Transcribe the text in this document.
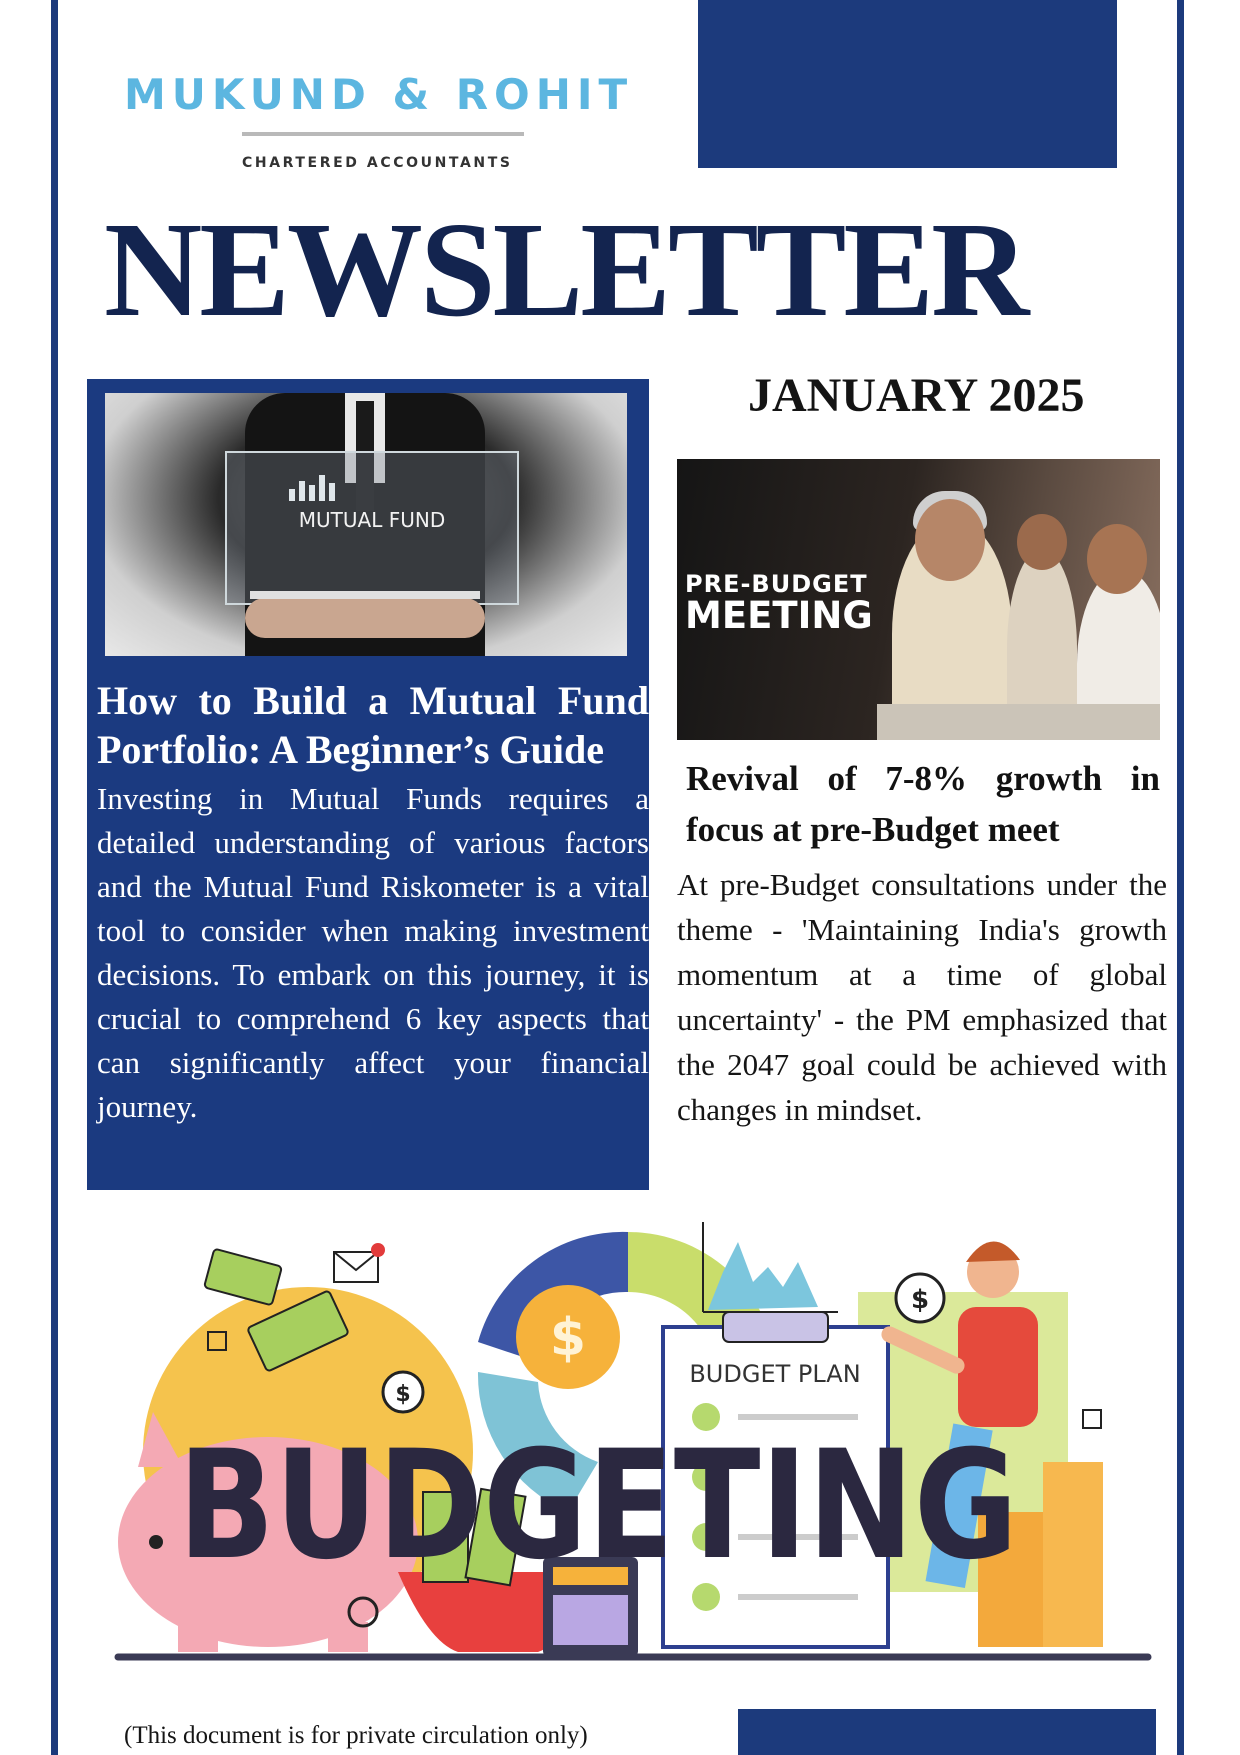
MUKUND & ROHIT
CHARTERED ACCOUNTANTS
NEWSLETTER
JANUARY 2025
MUTUAL FUND
How to Build a Mutual Fund Portfolio: A Beginner’s Guide
Investing in Mutual Funds requires a detailed understanding of various factors and the Mutual Fund Riskometer is a vital tool to consider when making investment decisions. To embark on this journey, it is crucial to comprehend 6 key aspects that can significantly affect your financial journey.
PRE-BUDGET
MEETING
Revival of 7-8% growth in focus at pre-Budget meet
At pre-Budget consultations under the theme - 'Maintaining India's growth momentum at a time of global uncertainty' - the PM emphasized that the 2047 goal could be achieved with changes in mindset.
$
$
$
BUDGET PLAN
BUDGETING
(This document is for private circulation only)
